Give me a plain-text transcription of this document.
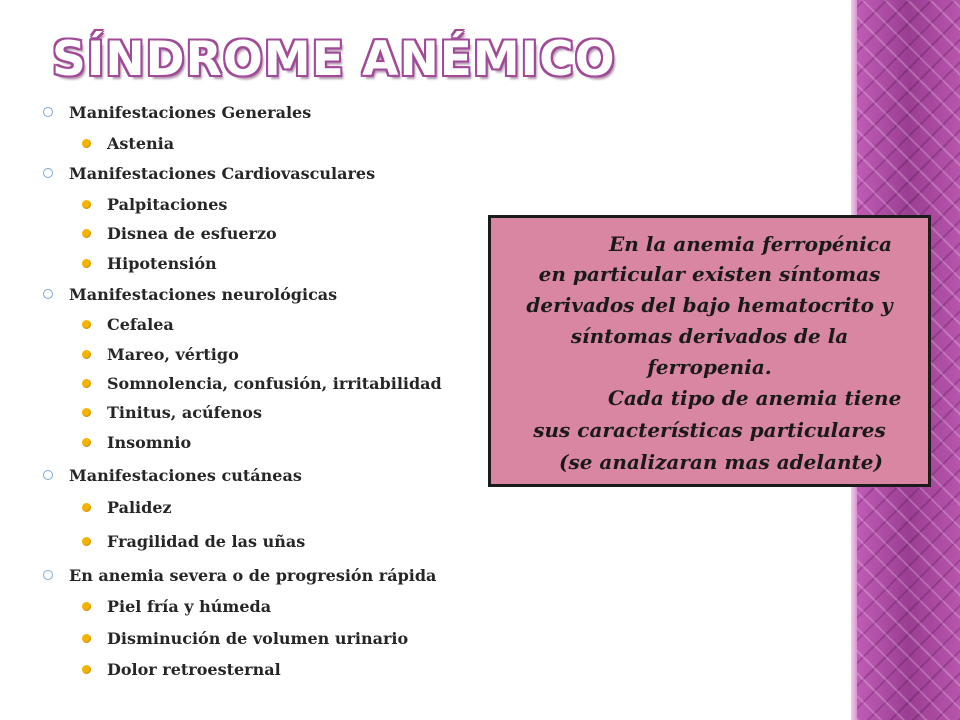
SÍNDROME ANÉMICO
Manifestaciones Generales
Astenia
Manifestaciones Cardiovasculares
Palpitaciones
Disnea de esfuerzo
Hipotensión
Manifestaciones neurológicas
Cefalea
Mareo, vértigo
Somnolencia, confusión, irritabilidad
Tinitus, acúfenos
Insomnio
Manifestaciones cutáneas
Palidez
Fragilidad de las uñas
En anemia severa o de progresión rápida
Piel fría y húmeda
Disminución de volumen urinario
Dolor retroesternal
En la anemia ferropénica
en particular existen síntomas
derivados del bajo hematocrito y
síntomas derivados de la
ferropenia.
Cada tipo de anemia tiene
sus características particulares
(se analizaran mas adelante)
